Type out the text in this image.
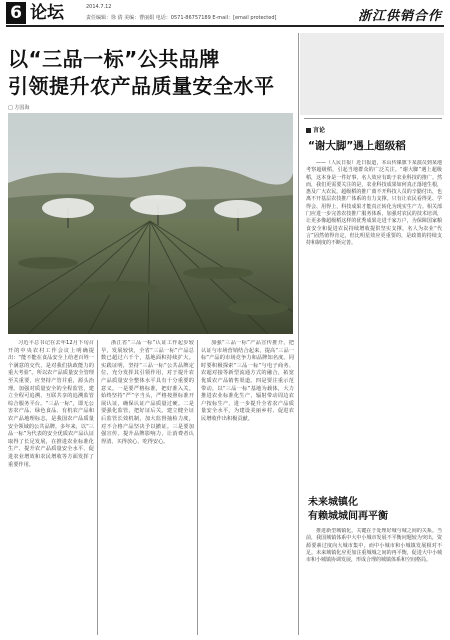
6 论坛	2014.7.12
责任编辑：徐 倩 美编：曹丽娟 电话：0571-86757189 E-mail：[email protected]	浙江供销合作
以“三品一标”公共品牌
引领提升农产品质量安全水平
□ 方国海

习近平总书记在去年12月下旬召开的中央农村工作会议上明确提出：“能不能在食品安全上给老百姓一个满意的交代，是对我们执政能力的重大考验”。所以农产品质量安全管理至关重要，应坚持产管并重，源头治理。加强对质量安全的全程监管，建立全程可追溯、互联共享的追溯监管综合服务平台。“三品一标”，即无公害农产品、绿色食品、有机农产品和农产品地理标志，是我国农产品质量安全领域的公共品牌。多年来，以“三品一标”为代表的安全优质农产品认证取得了长足发展，在推进农业标准化生产、提升农产品质量安全水平、促进农业增效和农民增收等方面发挥了重要作用。

浙江省“三品一标”认证工作起步较早，发展较快，全省“三品一标”产品总数已超过六千个，基地面积持续扩大。实践证明，坚持“三品一标”公共品牌定位，充分发挥其引领作用，对于提升农产品质量安全整体水平具有十分重要的意义。一是要严格标准，把好准入关。始终坚持“严”字当头，严格按照标准开展认证，确保认证产品质量过硬。二是要强化监管，把好证后关。建立健全证后监管长效机制，加大监督抽检力度，对不合格产品坚决予以撤证。三是要加强宣传，提升品牌影响力，让消费者认得清、买得放心、吃得安心。

加强“三品一标”产品宣传推介，把认证与市场营销结合起来，提高“三品一标”产品的市场竞争力和品牌知名度。同时要积极探索“三品一标”与电子商务、农超对接等新型流通方式的融合，拓宽优质农产品销售渠道。四是要注重示范带动。以“三品一标”基地为载体，大力推进农业标准化生产，辐射带动周边农户按标生产，进一步提升全省农产品质量安全水平，为建设美丽乡村、促进农民增收作出积极贡献。

言论
“谢大脚”遇上超级稻

——（人民日报）近日报道，本山传媒旗下某演员到某地考察超级稻，引起当地群众的广泛关注。“谢大脚”遇上超级稻，这本身是一件好事，名人效应有助于农业科技的推广。然而，我们更需要关注的是，农业科技成果如何真正落地生根，惠及广大农民。超级稻的推广离不开科技人员的辛勤付出，也离不开基层农技推广体系的有力支撑。只有让农民看得见、学得会、用得上，科技成果才能真正转化为现实生产力。相关部门应进一步完善农技推广服务体系，加强对农民的技术培训，让更多像超级稻这样的优秀成果走进千家万户，为保障国家粮食安全和促进农民持续增收提供坚实支撑。名人为农业“代言”固然值得肯定，但比明星效应更重要的，是政策的持续支持和制度的不断完善。

未来城镇化
有赖城城间再平衡

推进新型城镇化，关键在于处理好城与城之间的关系。当前，我国城镇体系中大中小城市发展不平衡问题较为突出，资源要素过度向大城市集中，而中小城市和小城镇发展相对不足。未来城镇化应更加注重城城之间的再平衡，促进大中小城市和小城镇协调发展，形成合理的城镇体系和空间格局。
